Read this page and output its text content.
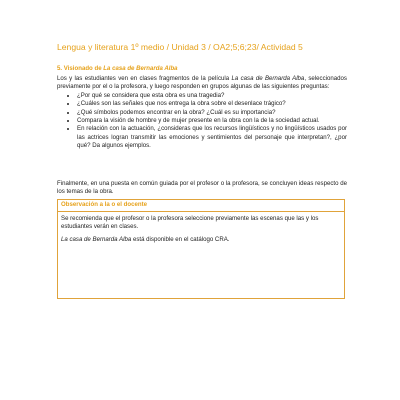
Lengua y literatura 1º medio / Unidad 3 / OA2;5;6;23/ Actividad 5
5. Visionado de La casa de Bernarda Alba

Los y las estudiantes ven en clases fragmentos de la película La casa de Bernarda Alba, seleccionados previamente por el o la profesora, y luego responden en grupos algunas de las siguientes preguntas:

• ¿Por qué se considera que esta obra es una tragedia?
• ¿Cuáles son las señales que nos entrega la obra sobre el desenlace trágico?
• ¿Qué símbolos podemos encontrar en la obra? ¿Cuál es su importancia?
• Compara la visión de hombre y de mujer presente en la obra con la de la sociedad actual.
• En relación con la actuación, ¿consideras que los recursos lingüísticos y no lingüísticos usados por las actrices logran transmitir las emociones y sentimientos del personaje que interpretan?, ¿por qué? Da algunos ejemplos.

Finalmente, en una puesta en común guiada por el profesor o la profesora, se concluyen ideas respecto de los temas de la obra.

Observación a la o el docente

Se recomienda que el profesor o la profesora seleccione previamente las escenas que las y los estudiantes verán en clases.

La casa de Bernarda Alba está disponible en el catálogo CRA.
